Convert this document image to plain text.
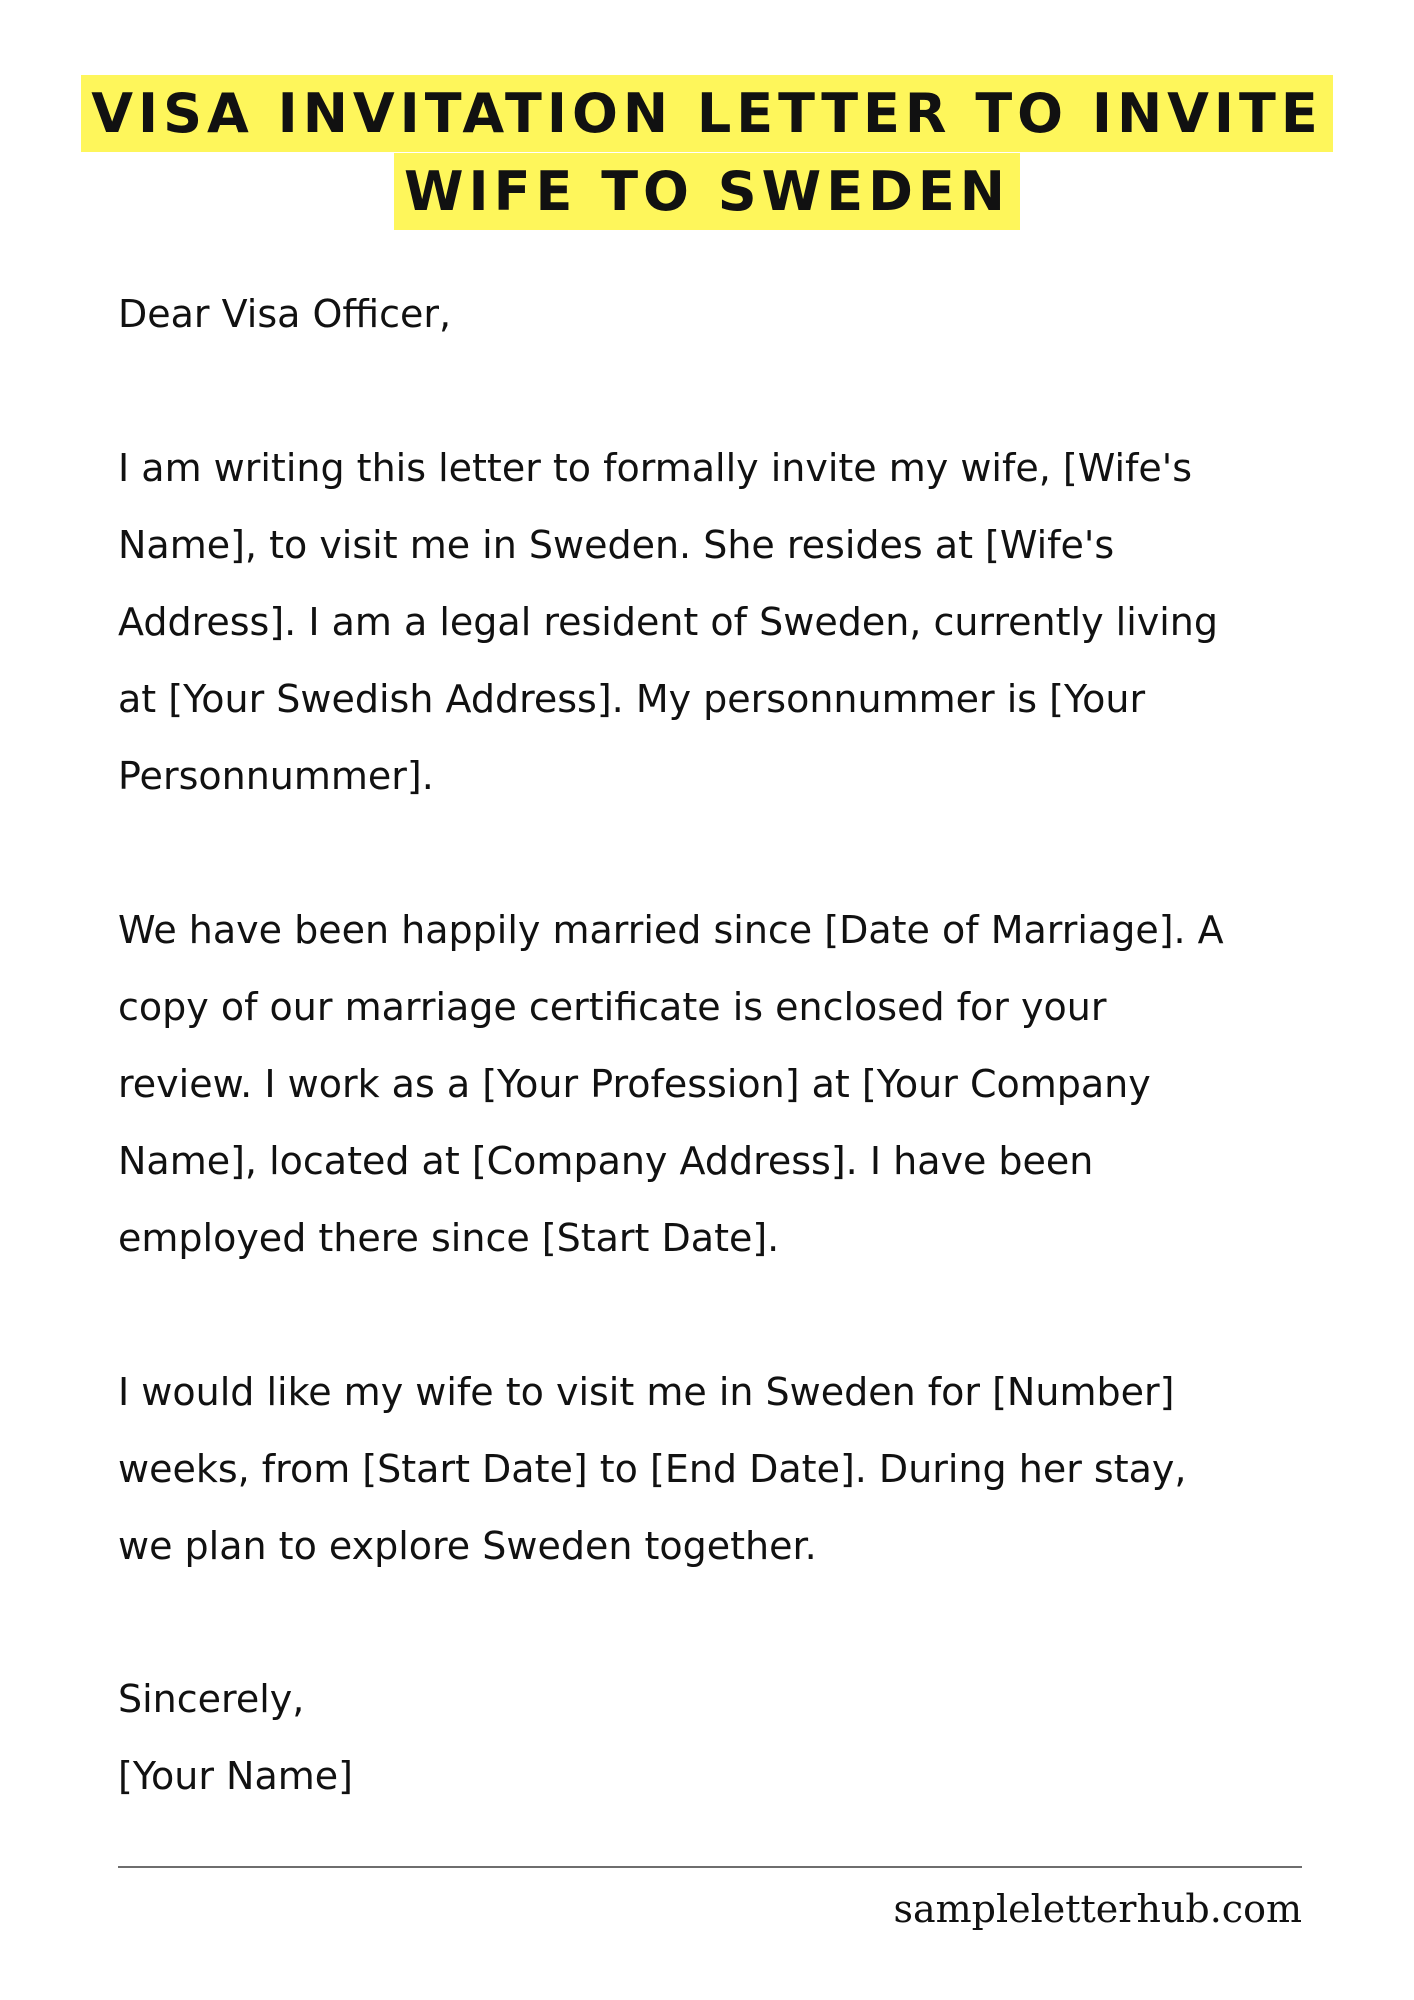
VISA INVITATION LETTER TO INVITE
WIFE TO SWEDEN
Dear Visa Officer,
I am writing this letter to formally invite my wife, [Wife's
Name], to visit me in Sweden. She resides at [Wife's
Address]. I am a legal resident of Sweden, currently living
at [Your Swedish Address]. My personnummer is [Your
Personnummer].
We have been happily married since [Date of Marriage]. A
copy of our marriage certificate is enclosed for your
review. I work as a [Your Profession] at [Your Company
Name], located at [Company Address]. I have been
employed there since [Start Date].
I would like my wife to visit me in Sweden for [Number]
weeks, from [Start Date] to [End Date]. During her stay,
we plan to explore Sweden together.
Sincerely,
[Your Name]
sampleletterhub.com
